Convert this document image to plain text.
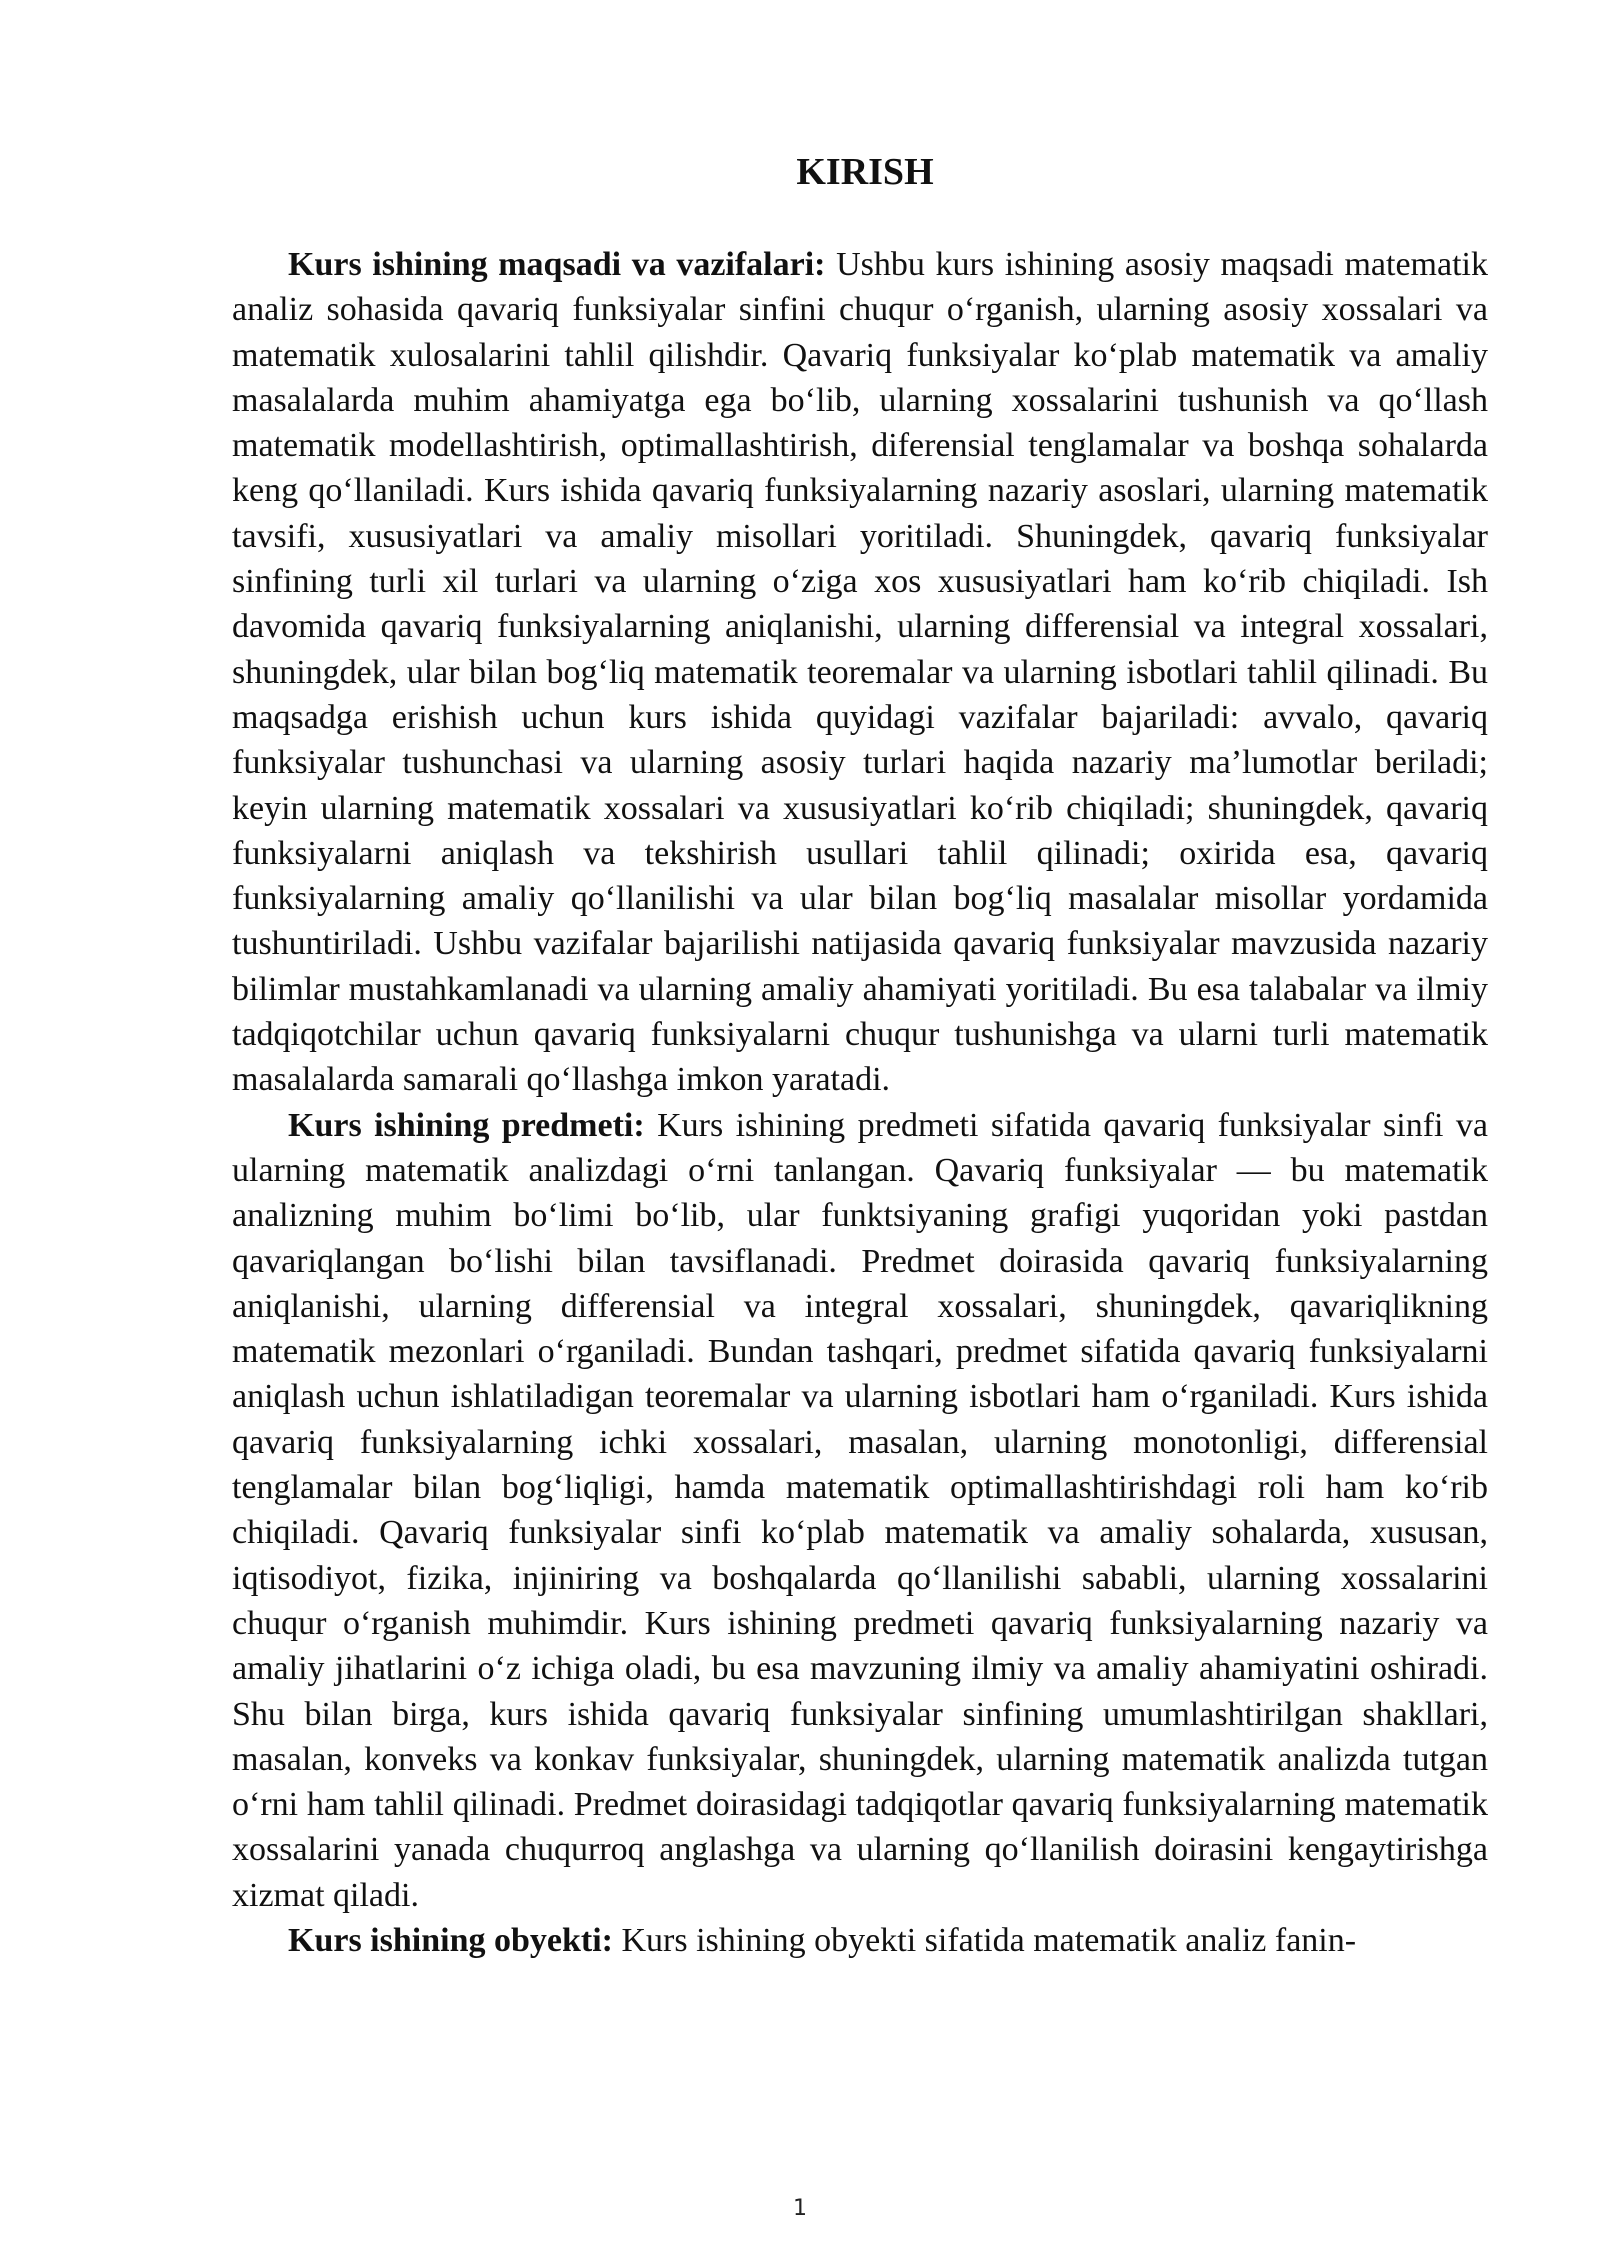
KIRISH

Kurs ishining maqsadi va vazifalari: Ushbu kurs ishining asosiy maqsadi matematik analiz sohasida qavariq funksiyalar sinfini chuqur o‘rganish, ularning asosiy xossalari va matematik xulosalarini tahlil qilishdir. Qavariq funksiyalar ko‘plab matematik va amaliy masalalarda muhim ahamiyatga ega bo‘lib, ularning xossalarini tushunish va qo‘llash matematik modellashtirish, optimallashtirish, diferensial tenglamalar va boshqa sohalarda keng qo‘llaniladi. Kurs ishida qavariq funksiyalarning nazariy asoslari, ularning matematik tavsifi, xususiyatlari va amaliy misollari yoritiladi. Shuningdek, qavariq funksiyalar sinfining turli xil turlari va ularning o‘ziga xos xususiyatlari ham ko‘rib chiqiladi. Ish davomida qavariq funksiyalarning aniqlanishi, ularning differensial va integral xossalari, shuningdek, ular bilan bog‘liq matematik teoremalar va ularning isbotlari tahlil qilinadi. Bu maqsadga erishish uchun kurs ishida quyidagi vazifalar bajariladi: avvalo, qavariq funksiyalar tushunchasi va ularning asosiy turlari haqida nazariy ma’lumotlar beriladi; keyin ularning matematik xossalari va xususiyatlari ko‘rib chiqiladi; shuningdek, qavariq funksiyalarni aniqlash va tekshirish usullari tahlil qilinadi; oxirida esa, qavariq funksiyalarning amaliy qo‘llanilishi va ular bilan bog‘liq masalalar misollar yordamida tushuntiriladi. Ushbu vazifalar bajarilishi natijasida qavariq funksiyalar mavzusida nazariy bilimlar mustahkamlanadi va ularning amaliy ahamiyati yoritiladi. Bu esa talabalar va ilmiy tadqiqotchilar uchun qavariq funksiyalarni chuqur tushunishga va ularni turli matematik masalalarda samarali qo‘llashga imkon yaratadi.

Kurs ishining predmeti: Kurs ishining predmeti sifatida qavariq funksiyalar sinfi va ularning matematik analizdagi o‘rni tanlangan. Qavariq funksiyalar — bu matematik analizning muhim bo‘limi bo‘lib, ular funktsiyaning grafigi yuqoridan yoki pastdan qavariqlangan bo‘lishi bilan tavsiflanadi. Predmet doirasida qavariq funksiyalarning aniqlanishi, ularning differensial va integral xossalari, shuningdek, qavariqlikning matematik mezonlari o‘rganiladi. Bundan tashqari, predmet sifatida qavariq funksiyalarni aniqlash uchun ishlatiladigan teoremalar va ularning isbotlari ham o‘rganiladi. Kurs ishida qavariq funksiyalarning ichki xossalari, masalan, ularning monotonligi, differensial tenglamalar bilan bog‘liqligi, hamda matematik optimallashtirishdagi roli ham ko‘rib chiqiladi. Qavariq funksiyalar sinfi ko‘plab matematik va amaliy sohalarda, xususan, iqtisodiyot, fizika, injiniring va boshqalarda qo‘llanilishi sababli, ularning xossalarini chuqur o‘rganish muhimdir. Kurs ishining predmeti qavariq funksiyalarning nazariy va amaliy jihatlarini o‘z ichiga oladi, bu esa mavzuning ilmiy va amaliy ahamiyatini oshiradi. Shu bilan birga, kurs ishida qavariq funksiyalar sinfining umumlashtirilgan shakllari, masalan, konveks va konkav funksiyalar, shuningdek, ularning matematik analizda tutgan o‘rni ham tahlil qilinadi. Predmet doirasidagi tadqiqotlar qavariq funksiyalarning matematik xossalarini yanada chuqurroq anglashga va ularning qo‘llanilish doirasini kengaytirishga xizmat qiladi.

Kurs ishining obyekti: Kurs ishining obyekti sifatida matematik analiz fanin-

1
